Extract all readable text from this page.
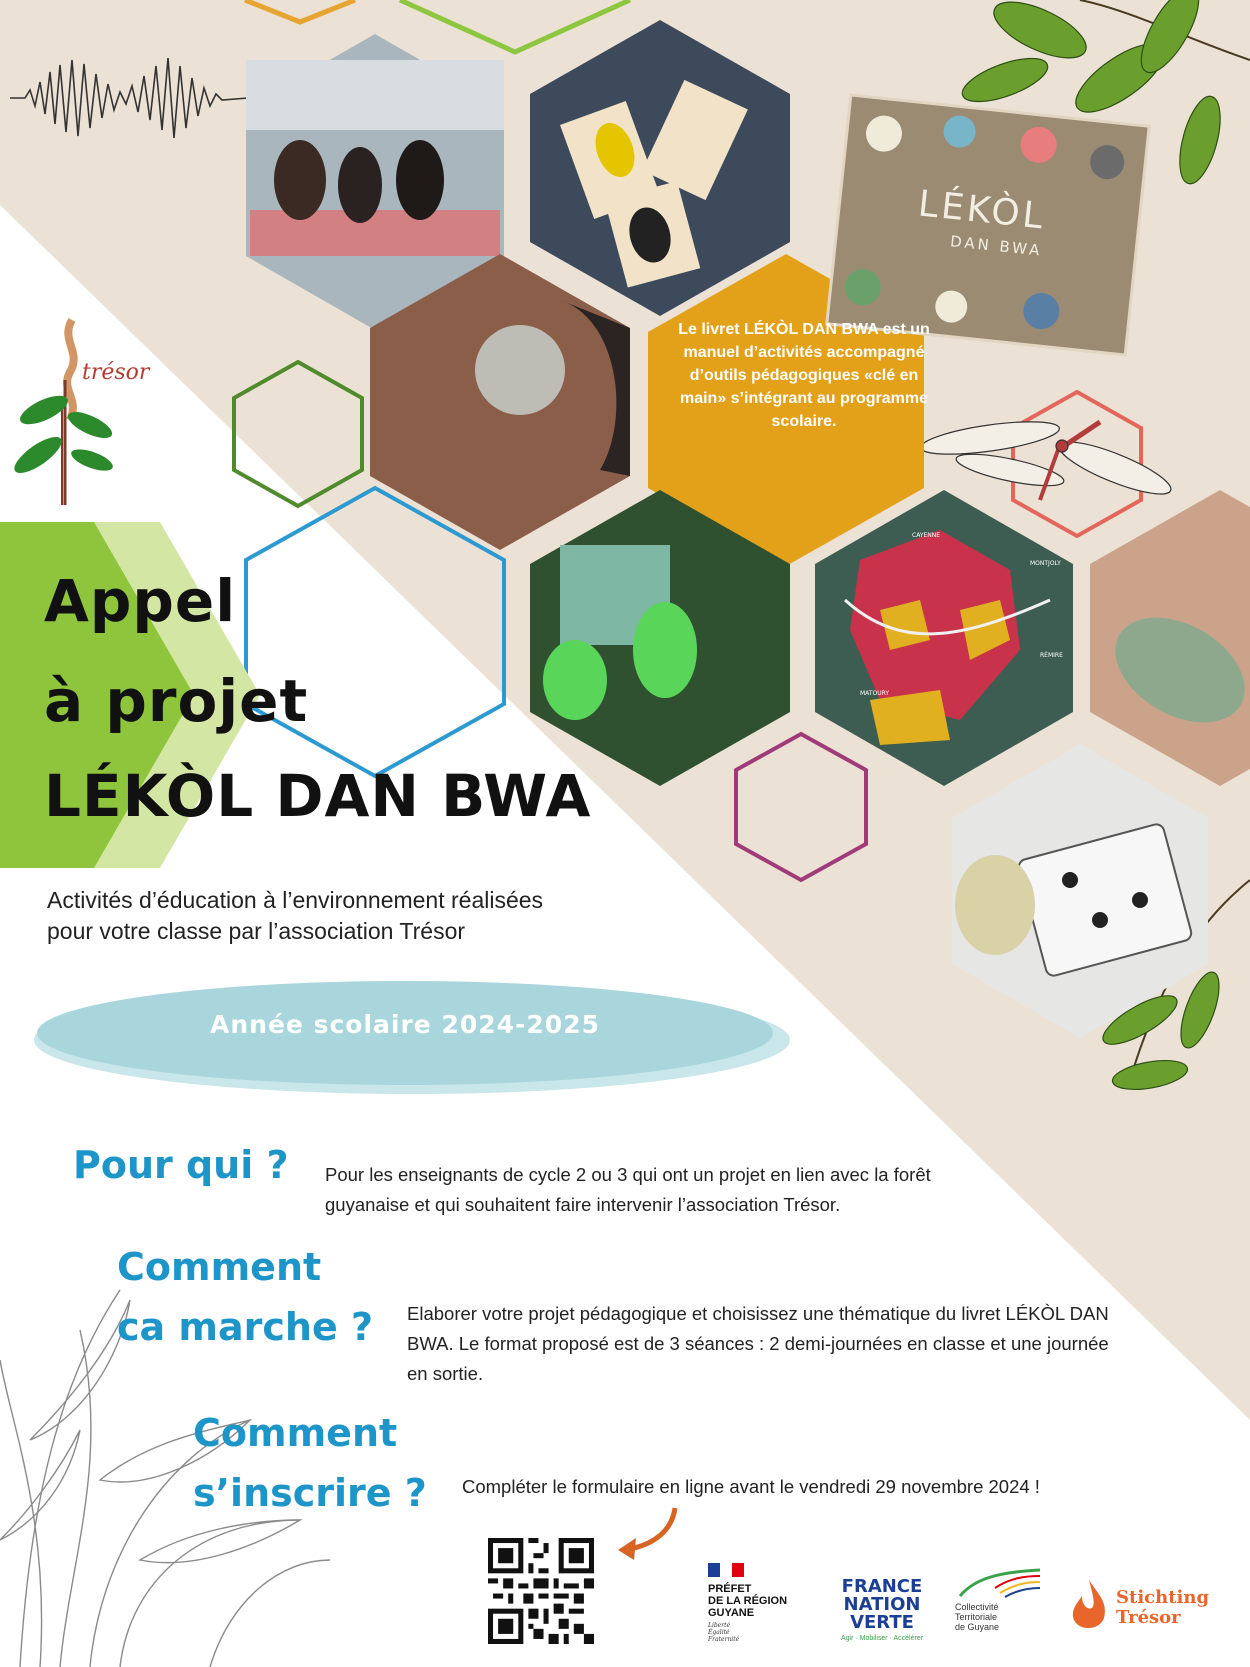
trésor
LÉKÒL
DAN BWA
CAYENNE
MONTJOLY
RÉMIRE
MATOURY
Le livret LÉKÒL DAN BWA est un manuel d’activités accompagné d’outils pédagogiques «clé en main» s’intégrant au programme scolaire.
Appel
à projet
LÉKÒL DAN BWA
Activités d’éducation à l’environnement réalisées
pour votre classe par l’association Trésor
Année scolaire 2024-2025
Pour qui ? Pour les enseignants de cycle 2 ou 3 qui ont un projet en lien avec la forêt guyanaise et qui souhaitent faire intervenir l’association Trésor.
Comment
ca marche ? Elaborer votre projet pédagogique et choisissez une thématique du livret LÉKÒL DAN BWA. Le format proposé est de 3 séances : 2 demi-journées en classe et une journée en sortie.
Comment
s’inscrire ? Compléter le formulaire en ligne avant le vendredi 29 novembre 2024 !
PRÉFET
DE LA RÉGION
GUYANE
Liberté
Égalité
Fraternité
FRANCE
NATION
VERTE
Agir · Mobiliser · Accélérer
Collectivité
Territoriale
de Guyane
Stichting
Trésor
